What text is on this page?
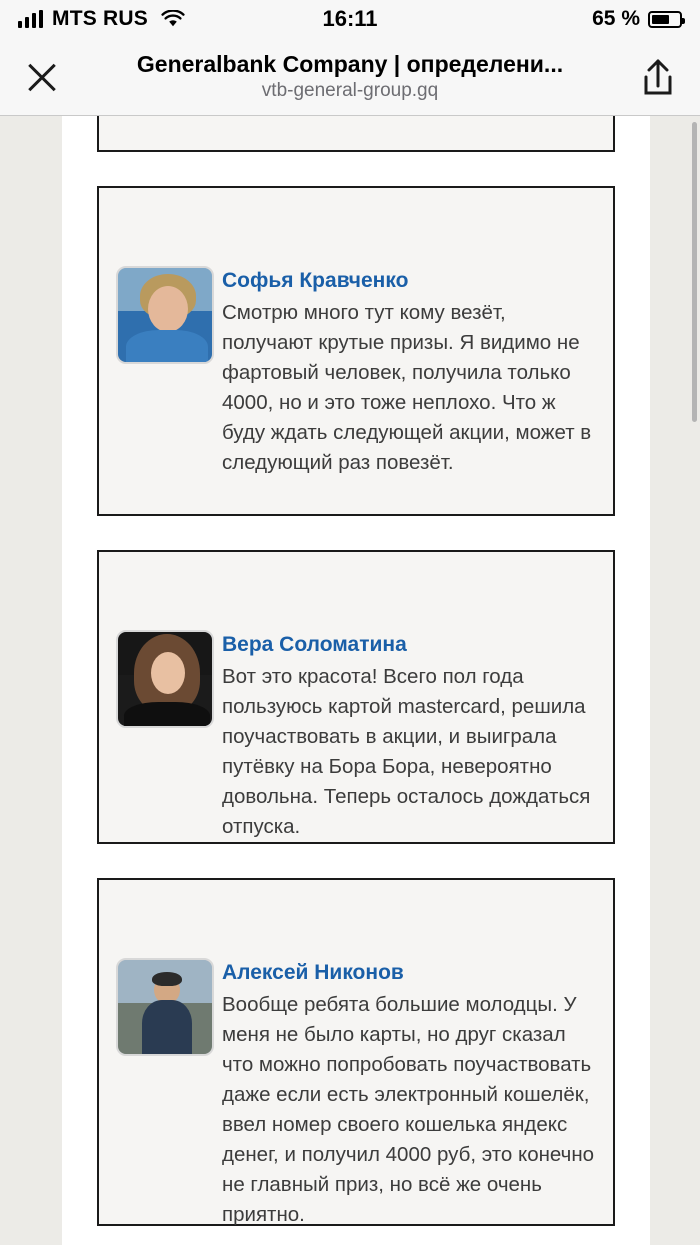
MTS RUS	16:11	65 %
Generalbank Company | определени...
vtb-general-group.gq
Софья Кравченко
Смотрю много тут кому везёт, получают крутые призы. Я видимо не фартовый человек, получила только 4000, но и это тоже неплохо. Что ж буду ждать следующей акции, может в следующий раз повезёт.
Вера Соломатина
Вот это красота! Всего пол года пользуюсь картой mastercard, решила поучаствовать в акции, и выиграла путёвку на Бора Бора, невероятно довольна. Теперь осталось дождаться отпуска.
Алексей Никонов
Вообще ребята большие молодцы. У меня не было карты, но друг сказал что можно попробовать поучаствовать даже если есть электронный кошелёк, ввел номер своего кошелька яндекс денег, и получил 4000 руб, это конечно не главный приз, но всё же очень приятно.
